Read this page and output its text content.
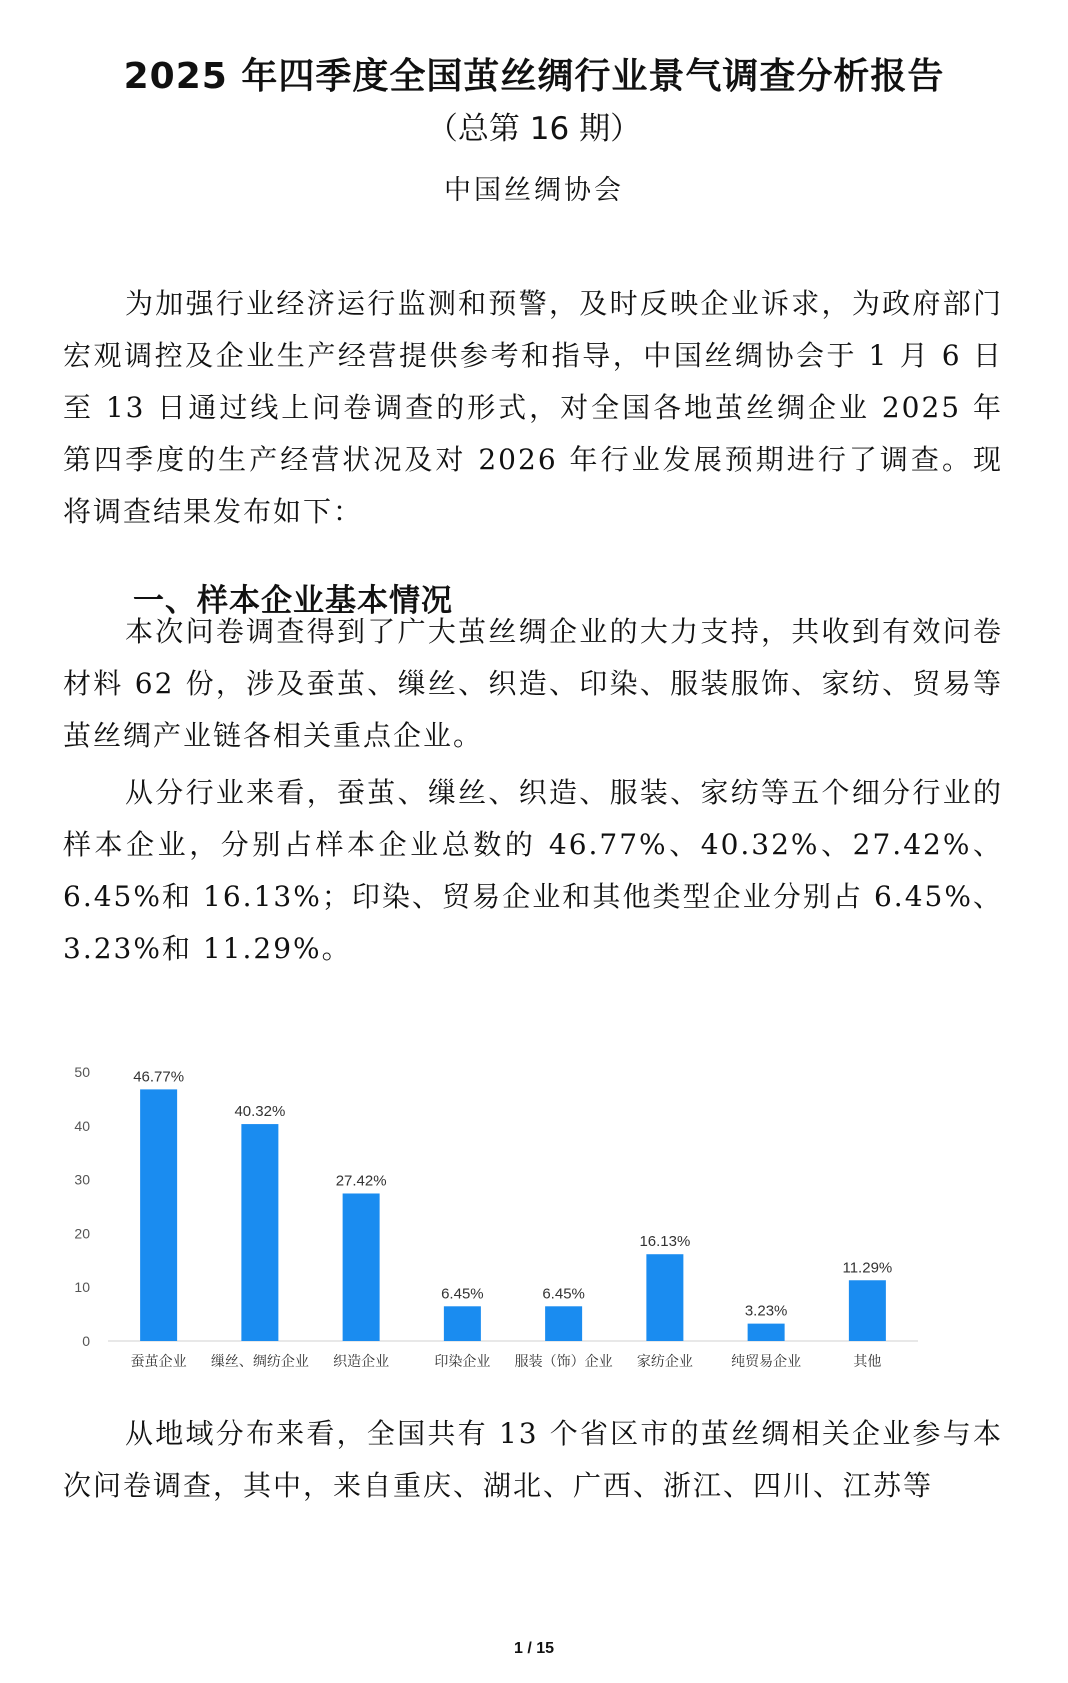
2025 年四季度全国茧丝绸行业景气调查分析报告
（总第 16 期）
中国丝绸协会

为加强行业经济运行监测和预警，及时反映企业诉求，为政府部门宏观调控及企业生产经营提供参考和指导，中国丝绸协会于 1 月 6 日至 13 日通过线上问卷调查的形式，对全国各地茧丝绸企业 2025 年第四季度的生产经营状况及对 2026 年行业发展预期进行了调查。现将调查结果发布如下：

一、样本企业基本情况

本次问卷调查得到了广大茧丝绸企业的大力支持，共收到有效问卷材料 62 份，涉及蚕茧、缫丝、织造、印染、服装服饰、家纺、贸易等茧丝绸产业链各相关重点企业。

从分行业来看，蚕茧、缫丝、织造、服装、家纺等五个细分行业的样本企业，分别占样本企业总数的 46.77%、40.32%、27.42%、6.45%和 16.13%；印染、贸易企业和其他类型企业分别占 6.45%、3.23%和 11.29%。

0
10
20
30
40
50	46.77%
蚕茧企业
40.32%
缫丝、绸纺企业
27.42%
织造企业
6.45%
印染企业
6.45%
服装（饰）企业
16.13%
家纺企业
3.23%
纯贸易企业
11.29%
其他

从地域分布来看，全国共有 13 个省区市的茧丝绸相关企业参与本次问卷调查，其中，来自重庆、湖北、广西、浙江、四川、江苏等

1 / 15
